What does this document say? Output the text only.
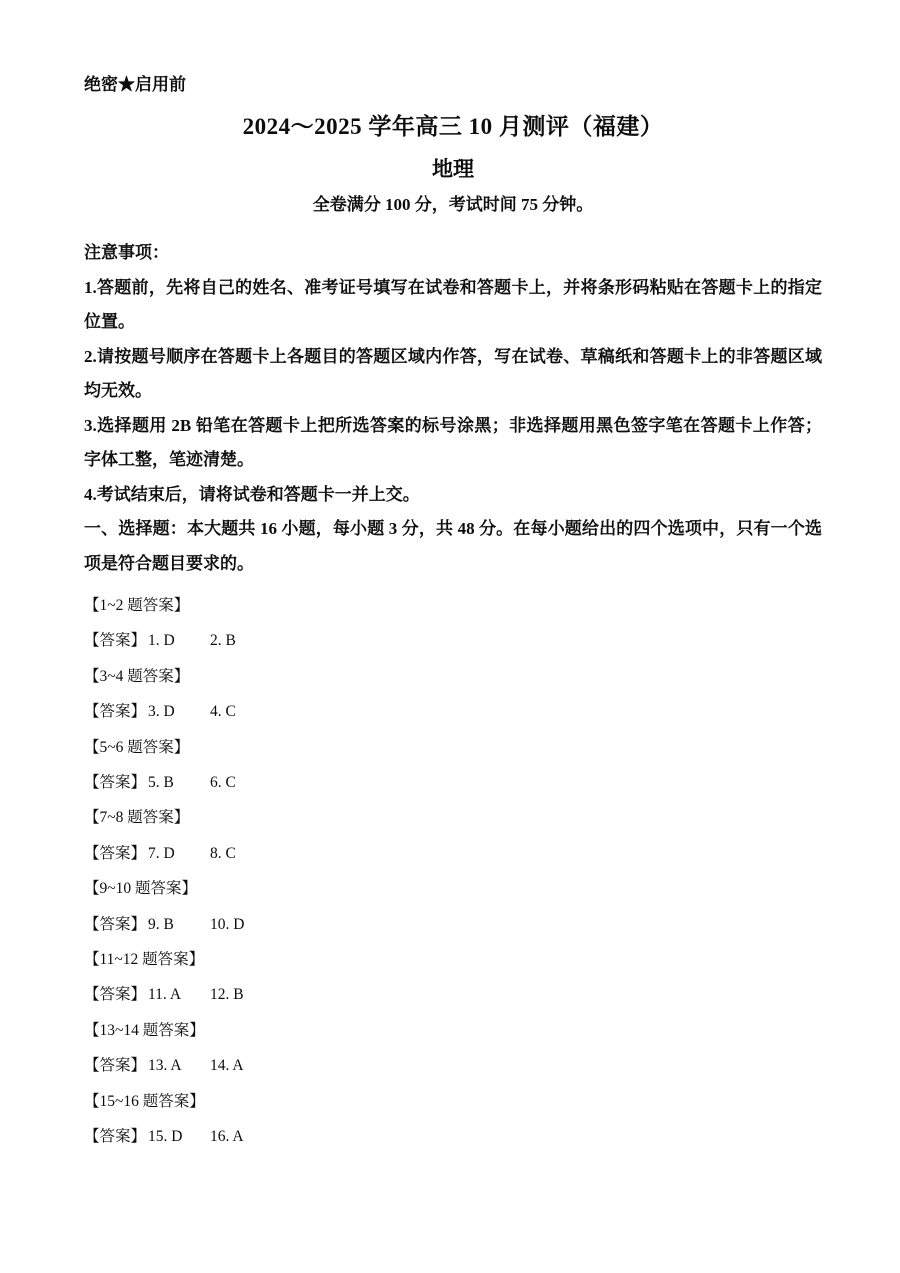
绝密★启用前
2024～2025 学年高三 10 月测评（福建）
地理
全卷满分 100 分，考试时间 75 分钟。
注意事项：

1.答题前，先将自己的姓名、准考证号填写在试卷和答题卡上，并将条形码粘贴在答题卡上的指定位置。

2.请按题号顺序在答题卡上各题目的答题区域内作答，写在试卷、草稿纸和答题卡上的非答题区域均无效。

3.选择题用 2B 铅笔在答题卡上把所选答案的标号涂黑；非选择题用黑色签字笔在答题卡上作答；字体工整，笔迹清楚。

4.考试结束后，请将试卷和答题卡一并上交。

一、选择题：本大题共 16 小题，每小题 3 分，共 48 分。在每小题给出的四个选项中，只有一个选项是符合题目要求的。

【1~2 题答案】
【答案】 1. D 2. B
【3~4 题答案】
【答案】 3. D 4. C
【5~6 题答案】
【答案】 5. B 6. C
【7~8 题答案】
【答案】 7. D 8. C
【9~10 题答案】
【答案】 9. B 10. D
【11~12 题答案】
【答案】 11. A 12. B
【13~14 题答案】
【答案】 13. A 14. A
【15~16 题答案】
【答案】 15. D 16. A
